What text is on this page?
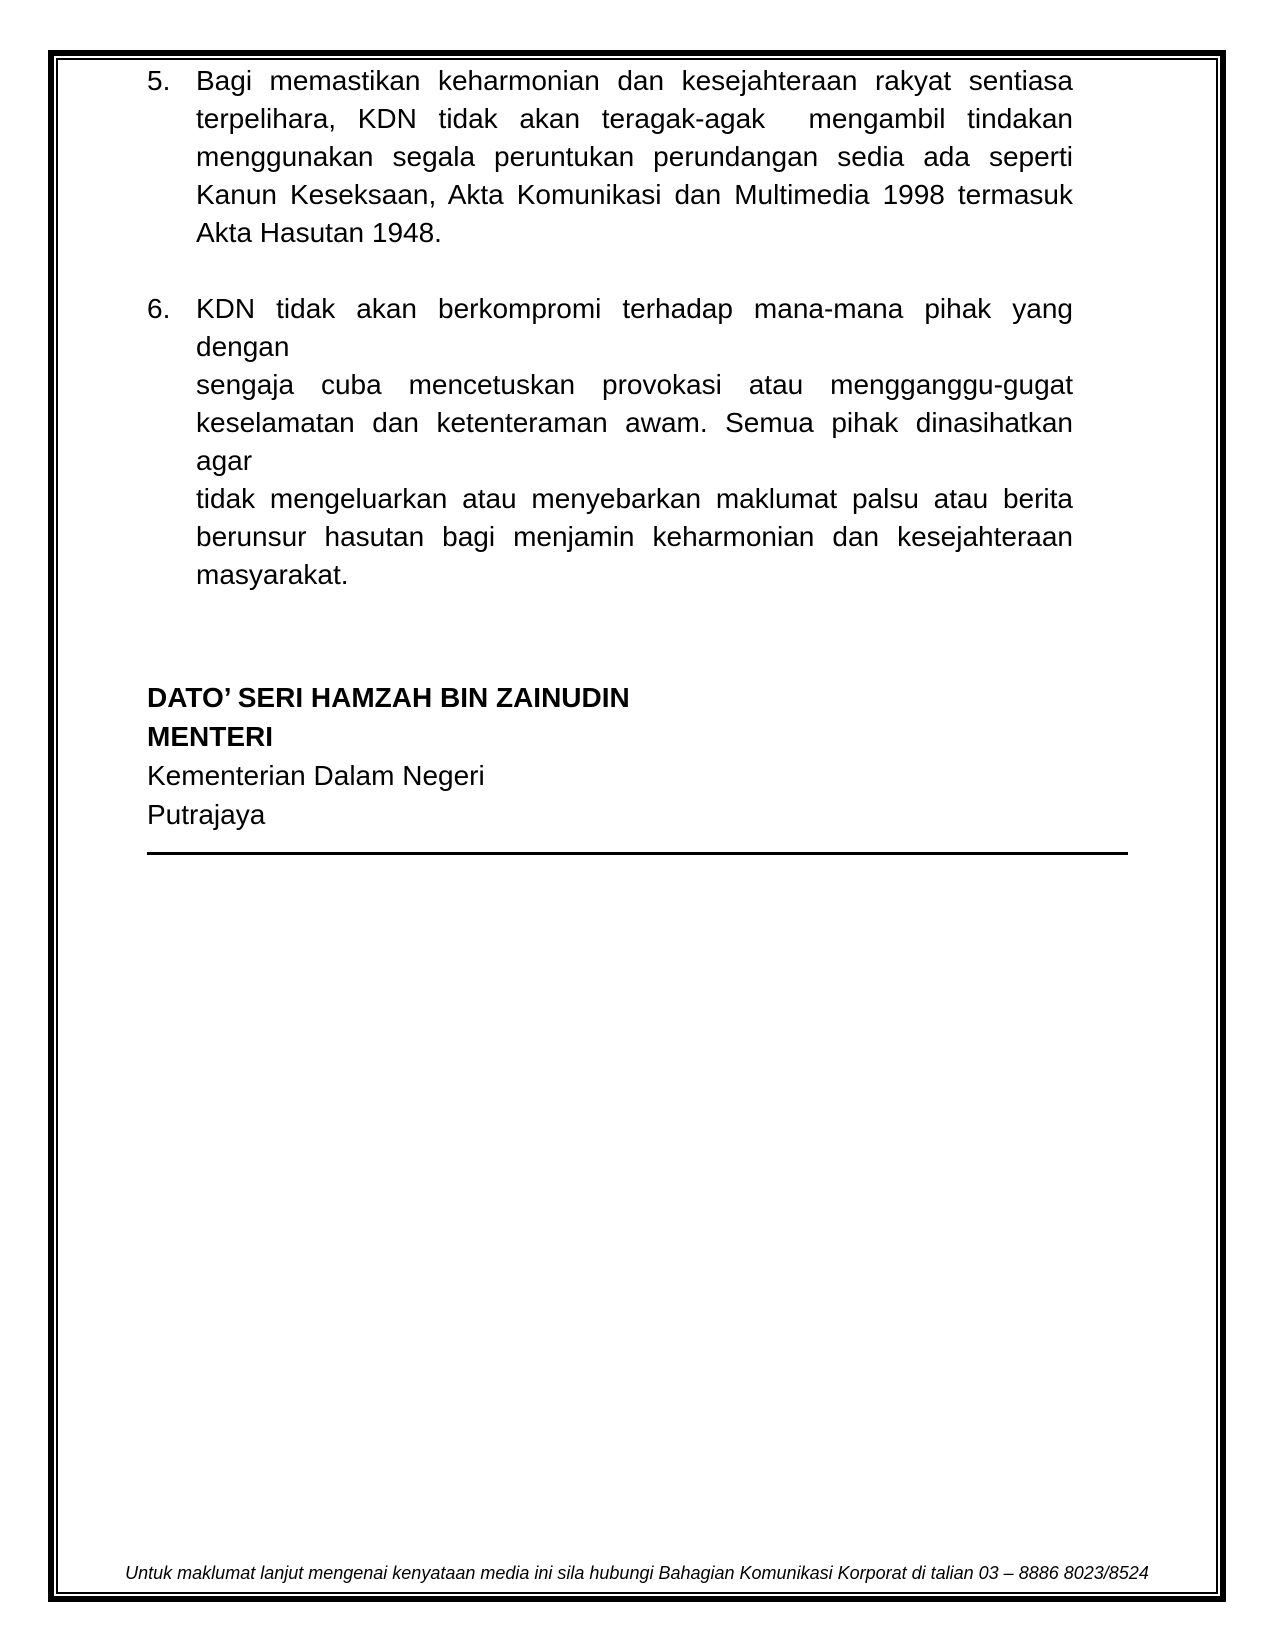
5. Bagi memastikan keharmonian dan kesejahteraan rakyat sentiasa
terpelihara, KDN tidak akan teragak-agak  mengambil tindakan
menggunakan segala peruntukan perundangan sedia ada seperti
Kanun Keseksaan, Akta Komunikasi dan Multimedia 1998 termasuk
Akta Hasutan 1948.
6. KDN tidak akan berkompromi terhadap mana-mana pihak yang dengan
sengaja cuba mencetuskan provokasi atau mengganggu-gugat
keselamatan dan ketenteraman awam. Semua pihak dinasihatkan agar
tidak mengeluarkan atau menyebarkan maklumat palsu atau berita
berunsur hasutan bagi menjamin keharmonian dan kesejahteraan
masyarakat.
DATO’ SERI HAMZAH BIN ZAINUDIN
MENTERI
Kementerian Dalam Negeri
Putrajaya
Untuk maklumat lanjut mengenai kenyataan media ini sila hubungi Bahagian Komunikasi Korporat di talian 03 – 8886 8023/8524
